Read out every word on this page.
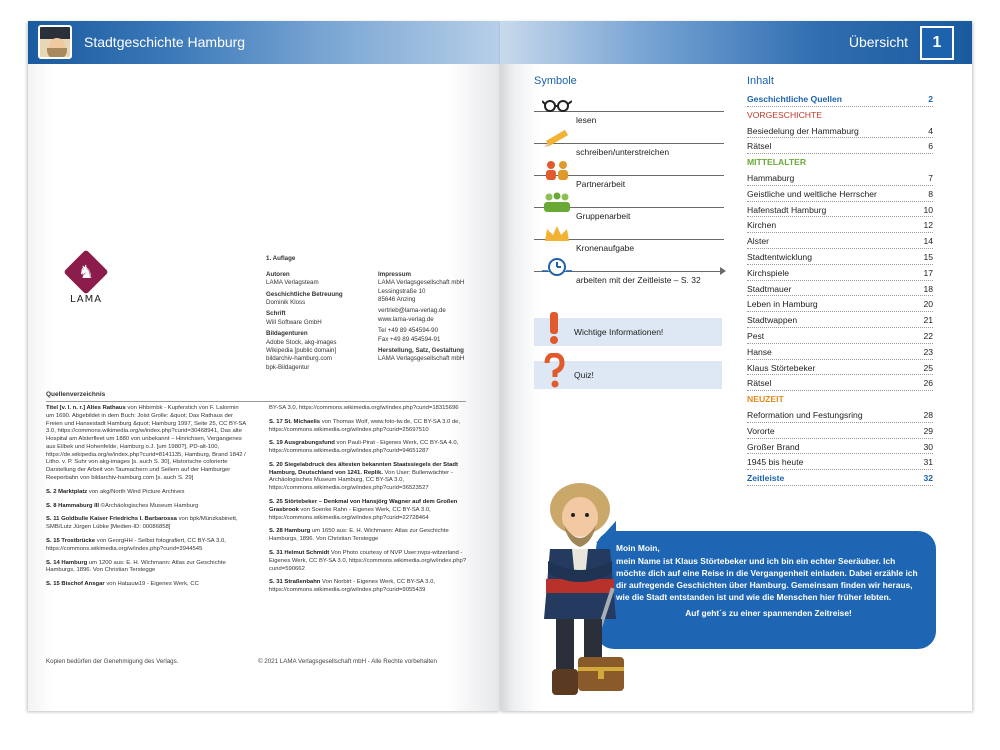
Stadtgeschichte Hamburg
♞
LAMA
1. Auflage
Autoren
LAMA Verlagsteam
Geschichtliche Betreuung
Dominik Kloss
Schrift
Will Software GmbH
Bildagenturen
Adobe Stock, akg-images
Wikipedia [public domain]
bildarchiv-hamburg.com
bpk-Bildagentur
Impressum
LAMA Verlagsgesellschaft mbH
Lessingstraße 10
85646 Anzing
vertrieb@lama-verlag.de
www.lama-verlag.de
Tel +49 89 454594-90
Fax +49 89 454594-91
Herstellung, Satz, Gestaltung
LAMA Verlagsgesellschaft mbH
Quellenverzeichnis
Titel [v. l. n. r.] Altes Rathaus von Hhbrmbk - Kupferstich von F. Lalormin um 1690. Abgebildet in dem Buch: Joist Grolle: &quot; Das Rathaus der Freien und Hansestadt Hamburg &quot; Hamburg 1997, Seite 25, CC BY-SA 3.0, https://commons.wikimedia.org/w/index.php?curid=30468941, Das alte Hospital am Alsterfleet um 1880 von unbekannt – Hinrichsen, Vergangenes aus Eilbek und Hohenfelde, Hamburg o.J. [um 1980?], PD-alt-100, https://de.wikipedia.org/w/index.php?curid=8141135, Hamburg, Brand 1842 / Litho. v. P. Suhr von akg-images [s. auch S. 30], Historische colorierte Darstellung der Arbeit von Taumachern und Seilern auf der Hamburger Reeperbahn von bildarchiv-hamburg.com [s. auch S. 29]
S. 2 Marktplatz von akg/North Wind Picture Archives
S. 8 Hammaburg III ©Archäologisches Museum Hamburg
S. 11 Goldbulle Kaiser Friedrichs I. Barbarossa von bpk/Münzkabinett, SMB/Lutz Jürgen Lübke [Medien-ID: 00086858]
S. 15 Trostbrücke von GeorgHH - Selbst fotografiert, CC BY-SA 3.0, https://commons.wikimedia.org/w/index.php?curid=3944545
S. 14 Hamburg um 1200 aus: E. H. Wichmann: Atlas zur Geschichte Hamburgs, 1896. Von Christian Terstegge
S. 15 Bischof Ansgar von Hatшuм19 - Eigenes Werk, CC
BY-SA 3.0, https://commons.wikimedia.org/w/index.php?curid=18315696
S. 17 St. Michaelis von Thomas Wolf, www.foto-tw.de, CC BY-SA 3.0 de, https://commons.wikimedia.org/w/index.php?curid=25697510
S. 19 Ausgrabungsfund von Pauli-Pirat - Eigenes Werk, CC BY-SA 4.0, https://commons.wikimedia.org/w/index.php?curid=94651287
S. 20 Siegelabdruck des ältesten bekannten Staatssiegels der Stadt Hamburg, Deutschland von 1241. Replik. Von User: Bullenwächter - Archäologisches Museum Hamburg, CC BY-SA 3.0, https://commons.wikimedia.org/w/index.php?curid=36523527
S. 25 Störtebeker – Denkmal von Hansjörg Wagner auf dem Großen Grasbrook von Soenke Rahn - Eigenes Werk, CC BY-SA 3.0, https://commons.wikimedia.org/w/index.php?curid=22728464
S. 28 Hamburg um 1650 aus: E. H. Wichmann: Atlas zur Geschichte Hamburgs, 1896. Von Christian Terstegge
S. 31 Helmut Schmidt Von Photo courtesy of NVP User:nvps-witzerland - Eigenes Werk, CC BY-SA 3.0, https://commons.wikimedia.org/w/index.php?curid=590662
S. 31 Straßenbahn Von Norbirt - Eigenes Werk, CC BY-SA 3.0, https://commons.wikimedia.org/w/index.php?curid=9055439
Kopien bedürfen der Genehmigung des Verlags.	© 2021 LAMA Verlagsgesellschaft mbH - Alle Rechte vorbehalten
Übersicht	1
Symbole
lesen
schreiben/unterstreichen
Partnerarbeit
Gruppenarbeit
Kronenaufgabe
arbeiten mit der Zeitleiste – S. 32
Wichtige Informationen!
Quiz!
Inhalt
Geschichtliche Quellen	2
VORGESCHICHTE
Besiedelung der Hammaburg	4
Rätsel	6
MITTELALTER
Hammaburg	7
Geistliche und weltliche Herrscher	8
Hafenstadt Hamburg	10
Kirchen	12
Alster	14
Stadtentwicklung	15
Kirchspiele	17
Stadtmauer	18
Leben in Hamburg	20
Stadtwappen	21
Pest	22
Hanse	23
Klaus Störtebeker	25
Rätsel	26
NEUZEIT
Reformation und Festungsring	28
Vororte	29
Großer Brand	30
1945 bis heute	31
Zeitleiste	32
Moin Moin,
mein Name ist Klaus Störtebeker und ich bin ein echter Seeräuber. Ich möchte dich auf eine Reise in die Vergangenheit einladen. Dabei erzähle ich dir aufregende Geschichten über Hamburg. Gemeinsam finden wir heraus, wie die Stadt entstanden ist und wie die Menschen hier früher lebten.
Auf geht´s zu einer spannenden Zeitreise!
